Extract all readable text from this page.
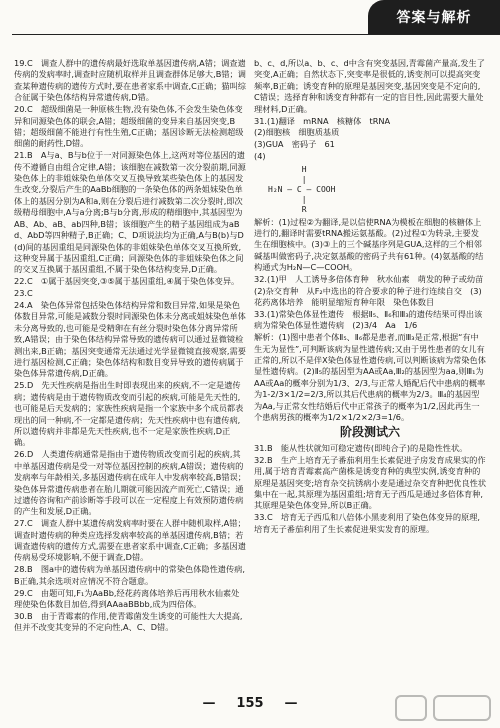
答案与解析
19.C　调查人群中的遗传病最好选取单基因遗传病,A错；调查遗传病的发病率时,调查时应随机取样并且调查群体足够大,B错；调查某种遗传病的遗传方式时,要在患者家系中调查,C正确；猫叫综合征属于染色体结构异常遗传病,D错。
20.C　超级细菌是一种原核生物,没有染色体,不会发生染色体变异和同源染色体的联会,A错；超级细菌的变异来自基因突变,B错；超级细菌不能进行有性生殖,C正确；基因诊断无法检测超级细菌的耐药性,D错。
21.B　A与a、B与b位于一对同源染色体上,这两对等位基因的遗传不遵循自由组合定律,A错；该细胞在减数第一次分裂前期,同源染色体上的非姐妹染色单体交叉互换导致某些染色体上的基因发生改变,分裂后产生的AaBb细胞的一条染色体的两条姐妹染色单体上的基因分别为A和a,则在分裂后进行减数第二次分裂时,即次级精母细胞中,A与a分离;B与b分离,形成的精细胞中,其基因型为AB、Ab、aB、ab四种,B错；该细胞产生的精子基因组成为aBd、AbD等四种精子,B正确；C、D项说法均为正确,A与B(b)与D(d)间的基因重组是同源染色体的非姐妹染色单体交叉互换所致,这种变异属于基因重组,C正确；同源染色体的非姐妹染色体之间的交叉互换属于基因重组,不属于染色体结构变异,D正确。
22.C　①属于基因突变,③⑤属于基因重组,④属于染色体变异。
23.C
24.A　染色体异常包括染色体结构异常和数目异常,如果是染色体数目异常,可能是减数分裂时同源染色体未分离或姐妹染色单体未分离导致的,也可能是受精卵在有丝分裂时染色体分离异常所致,A错误；由于染色体结构异常导致的遗传病可以通过显微镜检测出来,B正确；基因突变通常无法通过光学显微镜直接观察,需要进行基因检测,C正确；染色体结构和数目变异导致的遗传病属于染色体异常遗传病,D正确。
25.D　先天性疾病是指出生时即表现出来的疾病,不一定是遗传病；遗传病是由于遗传物质改变而引起的疾病,可能是先天性的,也可能是后天发病的；家族性疾病是指一个家族中多个成员都表现出的同一种病,不一定都是遗传病；先天性疾病中也有遗传病,所以遗传病并非都是先天性疾病,也不一定是家族性疾病,D正确。
26.D　人类遗传病通常是指由于遗传物质改变而引起的疾病,其中单基因遗传病是受一对等位基因控制的疾病,A错误；遗传病的发病率与年龄相关,多基因遗传病在成年人中发病率较高,B错误；染色体异常遗传病患者在胎儿期就可能因流产而死亡,C错误；通过遗传咨询和产前诊断等手段可以在一定程度上有效预防遗传病的产生和发展,D正确。
27.C　调查人群中某遗传病发病率时要在人群中随机取样,A错；调查时遗传病的种类应选择发病率较高的单基因遗传病,B错；若调查遗传病的遗传方式,需要在患者家系中调查,C正确；多基因遗传病易受环境影响,不便于调查,D错。
28.B　图a中的遗传病为单基因遗传病中的常染色体隐性遗传病,B正确,其余选项对应情况不符合题意。
29.C　由题可知,F₁为AaBb,经花药离体培养后再用秋水仙素处理使染色体数目加倍,得到AAaaBBbb,成为四倍体。
30.B　由于青霉素的作用,使青霉菌发生诱变的可能性大大提高,但并不改变其变异的不定向性,A、C、D错。
b、c、d,所以a、b、c、d中含有突变基因,青霉菌产量高,发生了突变,A正确；自然状态下,突变率是很低的,诱变剂可以提高突变频率,B正确；诱变育种的原理是基因突变,基因突变是不定向的,C错误；选择育种和诱变育种都有一定的盲目性,因此需要大量处理材料,D正确。
31.(1)翻译　mRNA　核糖体　tRNA
(2)细胞核　细胞质基质
(3)GUA　密码子　61
(4)
H
|
H₂N — C — COOH
|
R
解析：(1)过程②为翻译,是以信使RNA为模板在细胞的核糖体上进行的,翻译时需要tRNA搬运氨基酸。(2)过程①为转录,主要发生在细胞核中。(3)③上的三个碱基序列是GUA,这样的三个相邻碱基叫做密码子,决定氨基酸的密码子共有61种。(4)氨基酸的结构通式为H₂N—C—COOH。
32.(1)甲　人工诱导多倍体育种　秋水仙素　萌发的种子或幼苗　(2)杂交育种　从F₂中选出的符合要求的种子进行连续自交　(3)花药离体培养　能明显缩短育种年限　染色体数目
33.(1)常染色体显性遗传　根据Ⅱ₅、Ⅱ₆和Ⅲ₃的遗传结果可得出该病为常染色体显性遗传病　(2)3/4　Aa　1/6
解析：(1)图中患者个体Ⅱ₅、Ⅱ₆都是患者,而Ⅲ₃是正常,根据“有中生无为显性”,可判断该病为显性遗传病;又由于男性患者的女儿有正常的,所以不是伴X染色体显性遗传病,可以判断该病为常染色体显性遗传病。(2)Ⅱ₅的基因型为AA或Aa,Ⅲ₂的基因型为aa,则Ⅲ₁为AA或Aa的概率分别为1/3、2/3,与正常人婚配后代中患病的概率为1-2/3×1/2=2/3,所以其后代患病的概率为2/3。Ⅲ₄的基因型为Aa,与正常女性结婚后代中正常孩子的概率为1/2,因此再生一个患病男孩的概率为1/2×1/2×2/3=1/6。
阶段测试六
31.B　能从性状就知可稳定遗传(即纯合子)的是隐性性状。
32.B　生产上培育无子番茄利用生长素促进子房发育成果实的作用,属于培育青霉素高产菌株是诱变育种的典型实例,诱变育种的原理是基因突变;培育杂交抗锈病小麦是通过杂交育种把优良性状集中在一起,其原理为基因重组;培育无子西瓜是通过多倍体育种,其原理是染色体变异,所以B正确。
33.C　培育无子西瓜和八倍体小黑麦利用了染色体变异的原理,培育无子番茄利用了生长素促进果实发育的原理。
— 155 —
